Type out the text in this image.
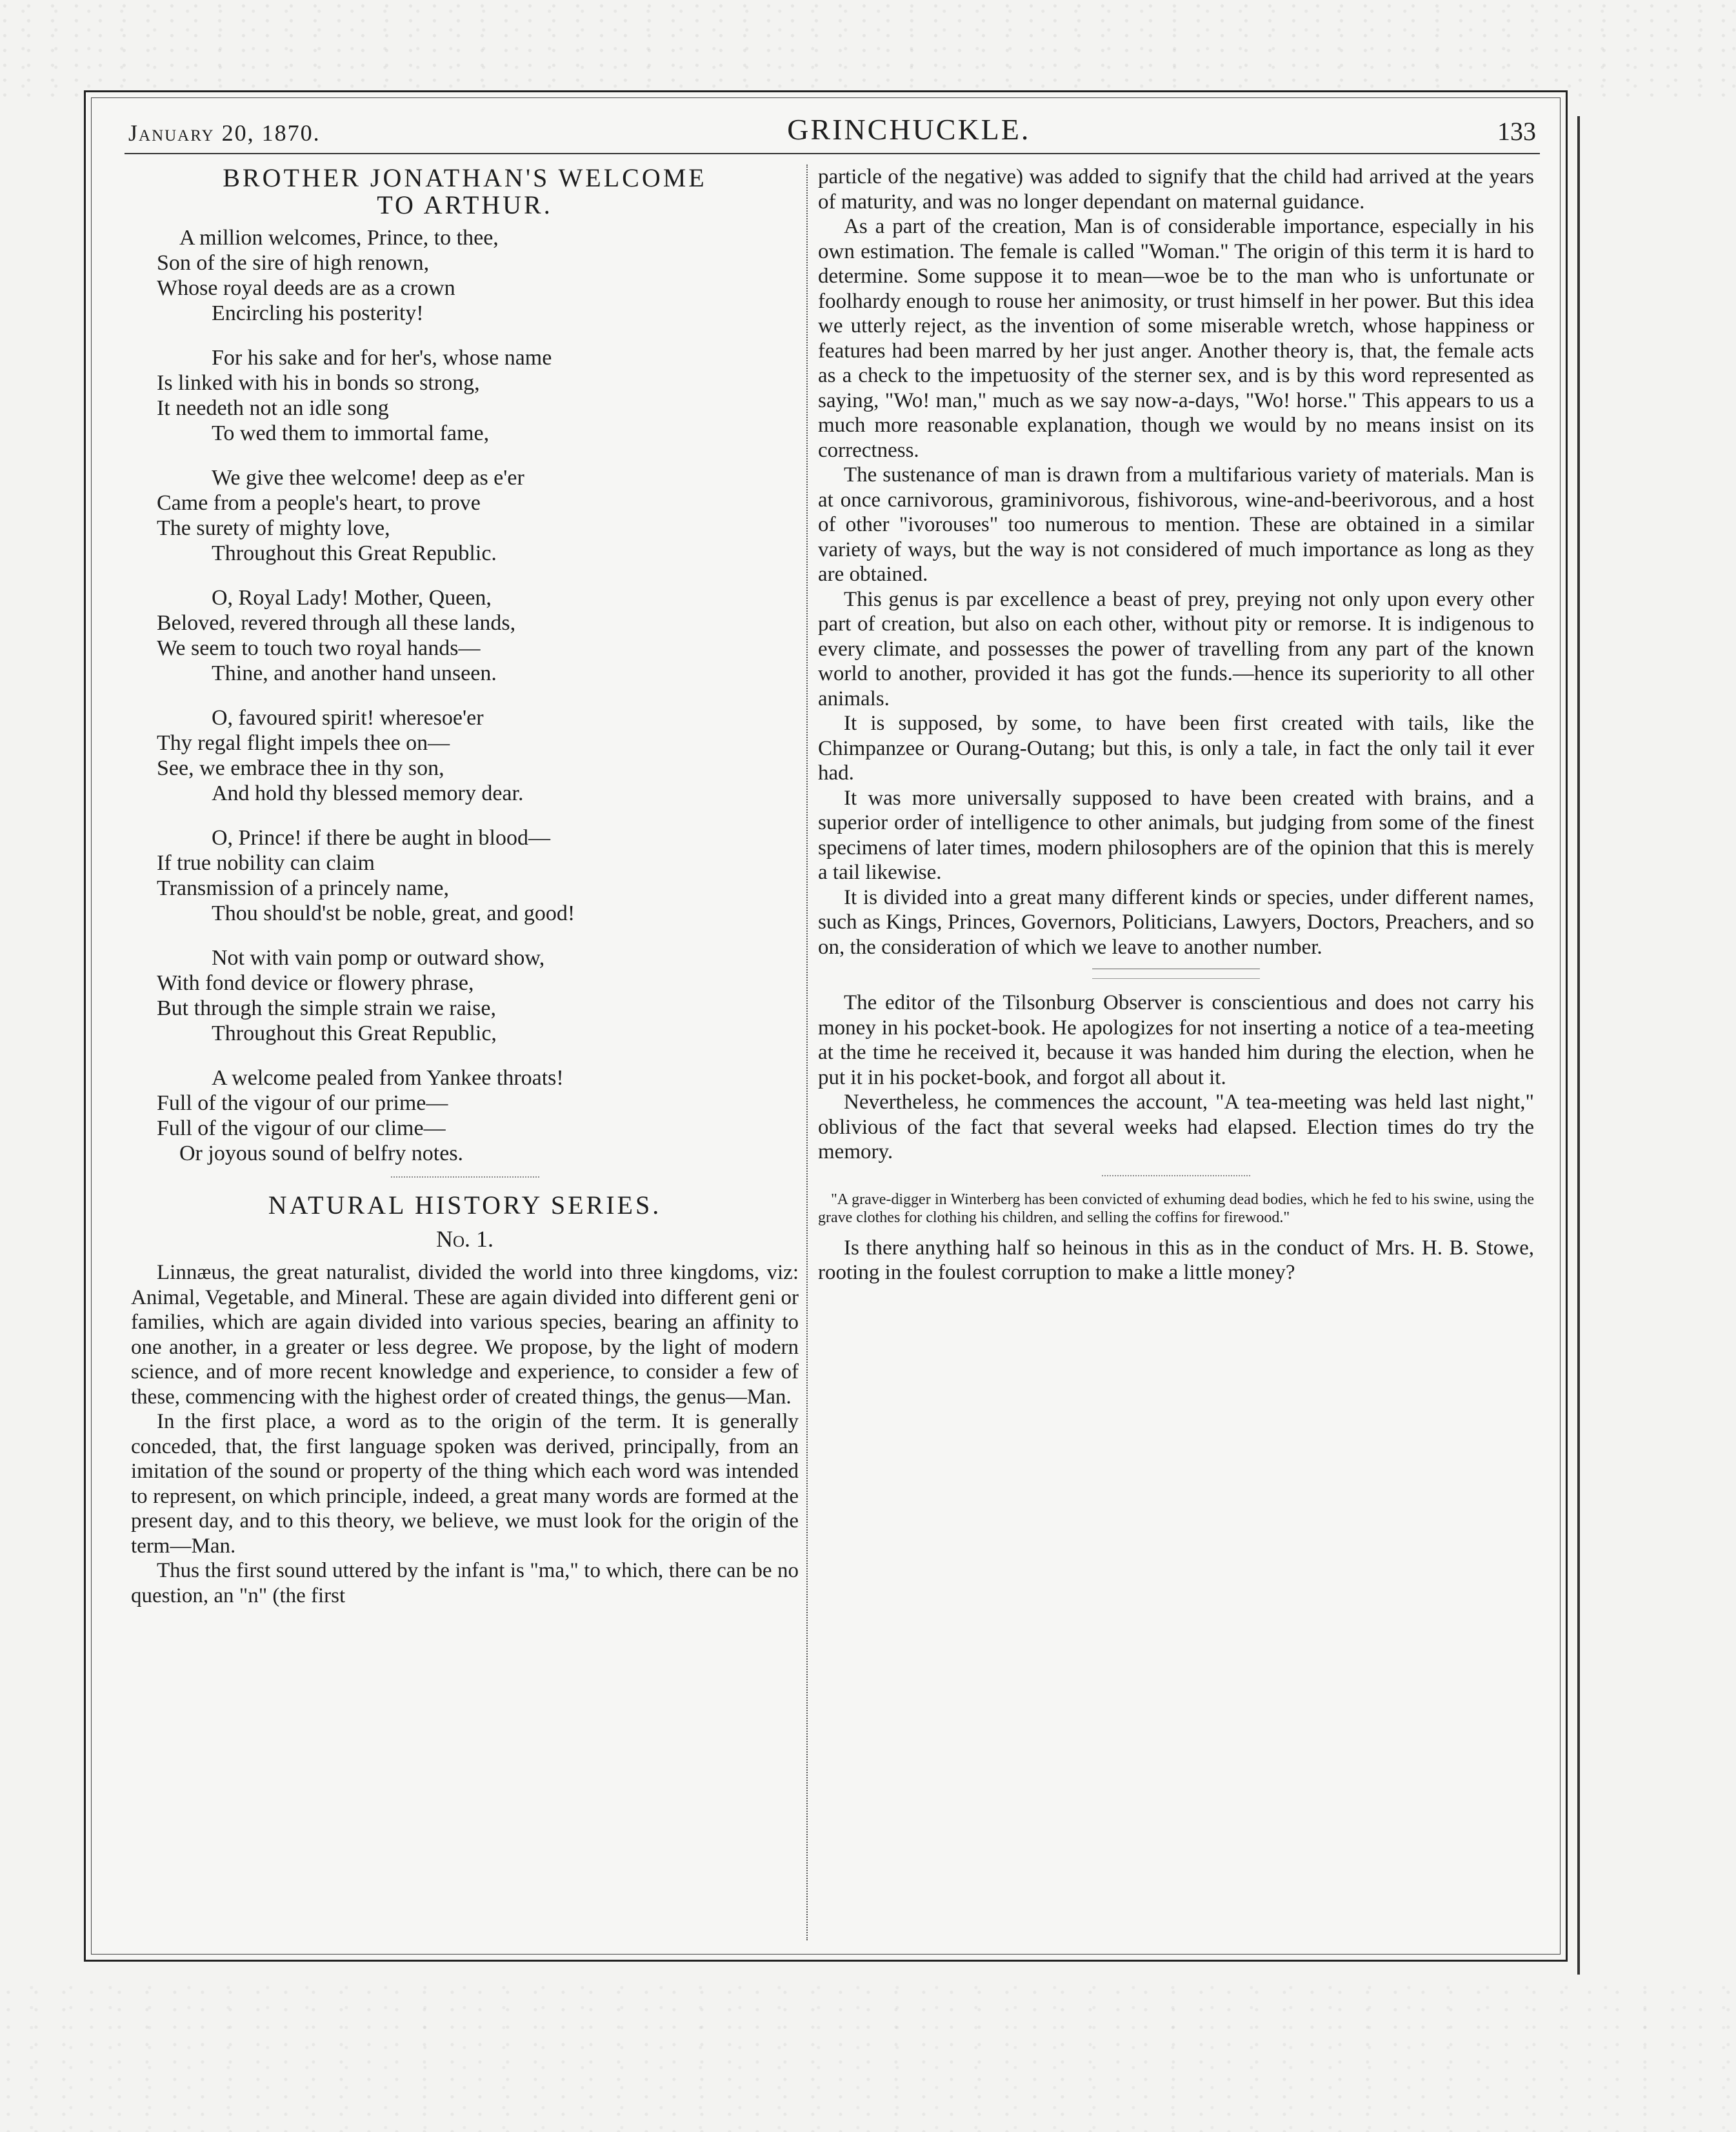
January 20, 1870.	GRINCHUCKLE.	133
BROTHER JONATHAN'S WELCOME
TO ARTHUR.
A million welcomes, Prince, to thee,
Son of the sire of high renown,
Whose royal deeds are as a crown
Encircling his posterity!
For his sake and for her's, whose name
Is linked with his in bonds so strong,
It needeth not an idle song
To wed them to immortal fame,
We give thee welcome! deep as e'er
Came from a people's heart, to prove
The surety of mighty love,
Throughout this Great Republic.
O, Royal Lady! Mother, Queen,
Beloved, revered through all these lands,
We seem to touch two royal hands—
Thine, and another hand unseen.
O, favoured spirit! wheresoe'er
Thy regal flight impels thee on—
See, we embrace thee in thy son,
And hold thy blessed memory dear.
O, Prince! if there be aught in blood—
If true nobility can claim
Transmission of a princely name,
Thou should'st be noble, great, and good!
Not with vain pomp or outward show,
With fond device or flowery phrase,
But through the simple strain we raise,
Throughout this Great Republic,
A welcome pealed from Yankee throats!
Full of the vigour of our prime—
Full of the vigour of our clime—
Or joyous sound of belfry notes.
NATURAL HISTORY SERIES.
No. 1.

Linnæus, the great naturalist, divided the world into three kingdoms, viz: Animal, Vegetable, and Mineral. These are again divided into different geni or families, which are again divided into various species, bearing an affinity to one another, in a greater or less degree. We propose, by the light of modern science, and of more recent knowledge and experience, to consider a few of these, commencing with the highest order of created things, the genus—Man.

In the first place, a word as to the origin of the term. It is generally conceded, that, the first language spoken was derived, principally, from an imitation of the sound or property of the thing which each word was intended to represent, on which principle, indeed, a great many words are formed at the present day, and to this theory, we believe, we must look for the origin of the term—Man.

Thus the first sound uttered by the infant is "ma," to which, there can be no question, an "n" (the first

particle of the negative) was added to signify that the child had arrived at the years of maturity, and was no longer dependant on maternal guidance.

As a part of the creation, Man is of considerable importance, especially in his own estimation. The female is called "Woman." The origin of this term it is hard to determine. Some suppose it to mean—woe be to the man who is unfortunate or foolhardy enough to rouse her animosity, or trust himself in her power. But this idea we utterly reject, as the invention of some miserable wretch, whose happiness or features had been marred by her just anger. Another theory is, that, the female acts as a check to the impetuosity of the sterner sex, and is by this word represented as saying, "Wo! man," much as we say now-a-days, "Wo! horse." This appears to us a much more reasonable explanation, though we would by no means insist on its correctness.

The sustenance of man is drawn from a multifarious variety of materials. Man is at once carnivorous, graminivorous, fishivorous, wine-and-beerivorous, and a host of other "ivorouses" too numerous to mention. These are obtained in a similar variety of ways, but the way is not considered of much importance as long as they are obtained.

This genus is par excellence a beast of prey, preying not only upon every other part of creation, but also on each other, without pity or remorse. It is indigenous to every climate, and possesses the power of travelling from any part of the known world to another, provided it has got the funds.—hence its superiority to all other animals.

It is supposed, by some, to have been first created with tails, like the Chimpanzee or Ourang-Outang; but this, is only a tale, in fact the only tail it ever had.

It was more universally supposed to have been created with brains, and a superior order of intelligence to other animals, but judging from some of the finest specimens of later times, modern philosophers are of the opinion that this is merely a tail likewise.

It is divided into a great many different kinds or species, under different names, such as Kings, Princes, Governors, Politicians, Lawyers, Doctors, Preachers, and so on, the consideration of which we leave to another number.

The editor of the Tilsonburg Observer is conscientious and does not carry his money in his pocket-book. He apologizes for not inserting a notice of a tea-meeting at the time he received it, because it was handed him during the election, when he put it in his pocket-book, and forgot all about it.

Nevertheless, he commences the account, "A tea-meeting was held last night," oblivious of the fact that several weeks had elapsed. Election times do try the memory.

"A grave-digger in Winterberg has been convicted of exhuming dead bodies, which he fed to his swine, using the grave clothes for clothing his children, and selling the coffins for firewood."

Is there anything half so heinous in this as in the conduct of Mrs. H. B. Stowe, rooting in the foulest corruption to make a little money?
